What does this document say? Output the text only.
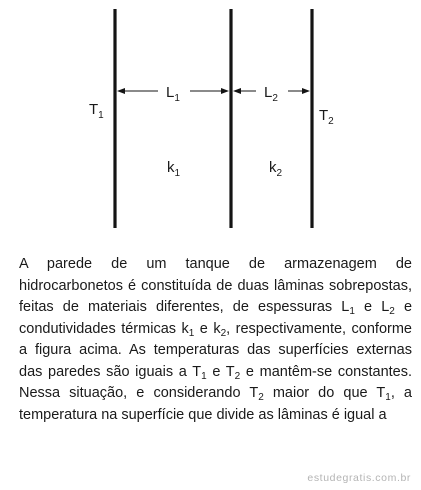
$T_1$
$L_1$	$L_2$
$T_2$
$k_1$	$k_2$

A parede de um tanque de armazenagem de hidrocarbonetos é constituída de duas lâminas sobrepostas, feitas de materiais diferentes, de espessuras $L_1$ e $L_2$ e condutividades térmicas $k_1$ e $k_2$, respectivamente, conforme a figura acima. As temperaturas das superfícies externas das paredes são iguais a $T_1$ e $T_2$ e mantêm-se constantes. Nessa situação, e considerando $T_2$ maior do que $T_1$, a temperatura na superfície que divide as lâminas é igual a

estudegratis.com.br
